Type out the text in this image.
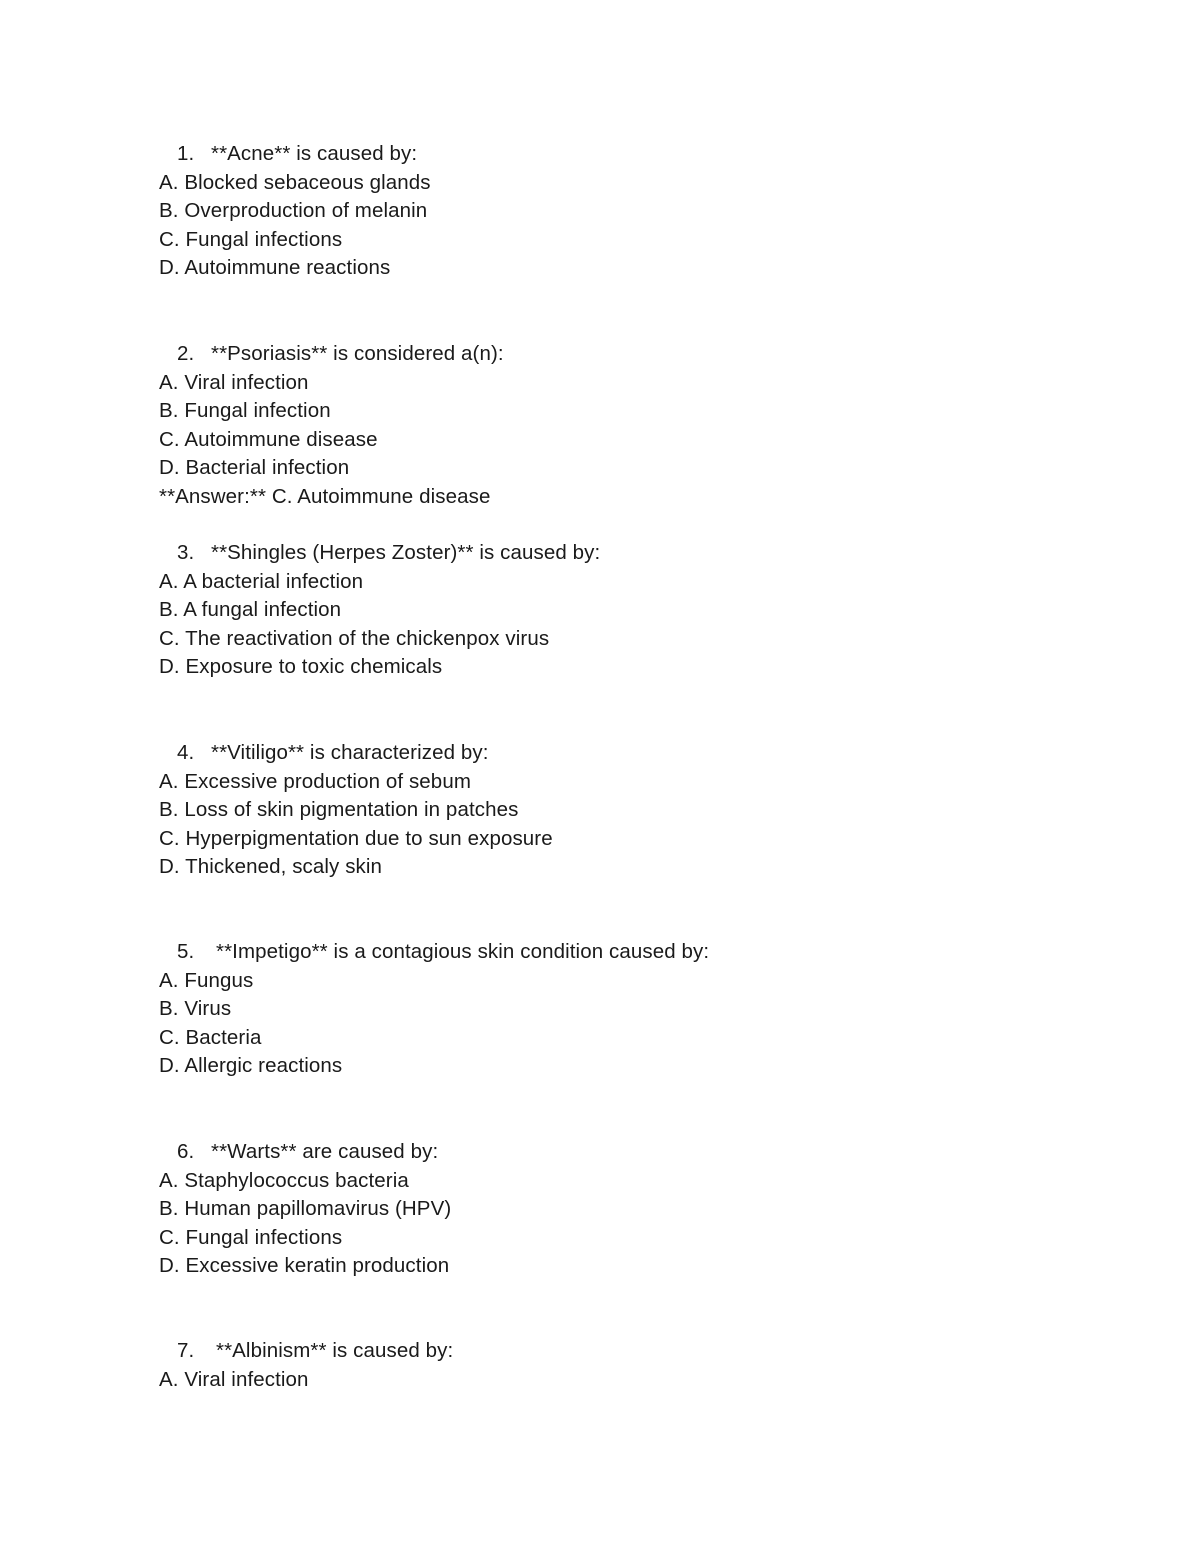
1. **Acne** is caused by:
A. Blocked sebaceous glands
B. Overproduction of melanin
C. Fungal infections
D. Autoimmune reactions
2. **Psoriasis** is considered a(n):
A. Viral infection
B. Fungal infection
C. Autoimmune disease
D. Bacterial infection
**Answer:** C. Autoimmune disease
3. **Shingles (Herpes Zoster)** is caused by:
A. A bacterial infection
B. A fungal infection
C. The reactivation of the chickenpox virus
D. Exposure to toxic chemicals
4. **Vitiligo** is characterized by:
A. Excessive production of sebum
B. Loss of skin pigmentation in patches
C. Hyperpigmentation due to sun exposure
D. Thickened, scaly skin
5.	**Impetigo** is a contagious skin condition caused by:
A. Fungus
B. Virus
C. Bacteria
D. Allergic reactions
6. **Warts** are caused by:
A. Staphylococcus bacteria
B. Human papillomavirus (HPV)
C. Fungal infections
D. Excessive keratin production
7.	**Albinism** is caused by:
A. Viral infection
